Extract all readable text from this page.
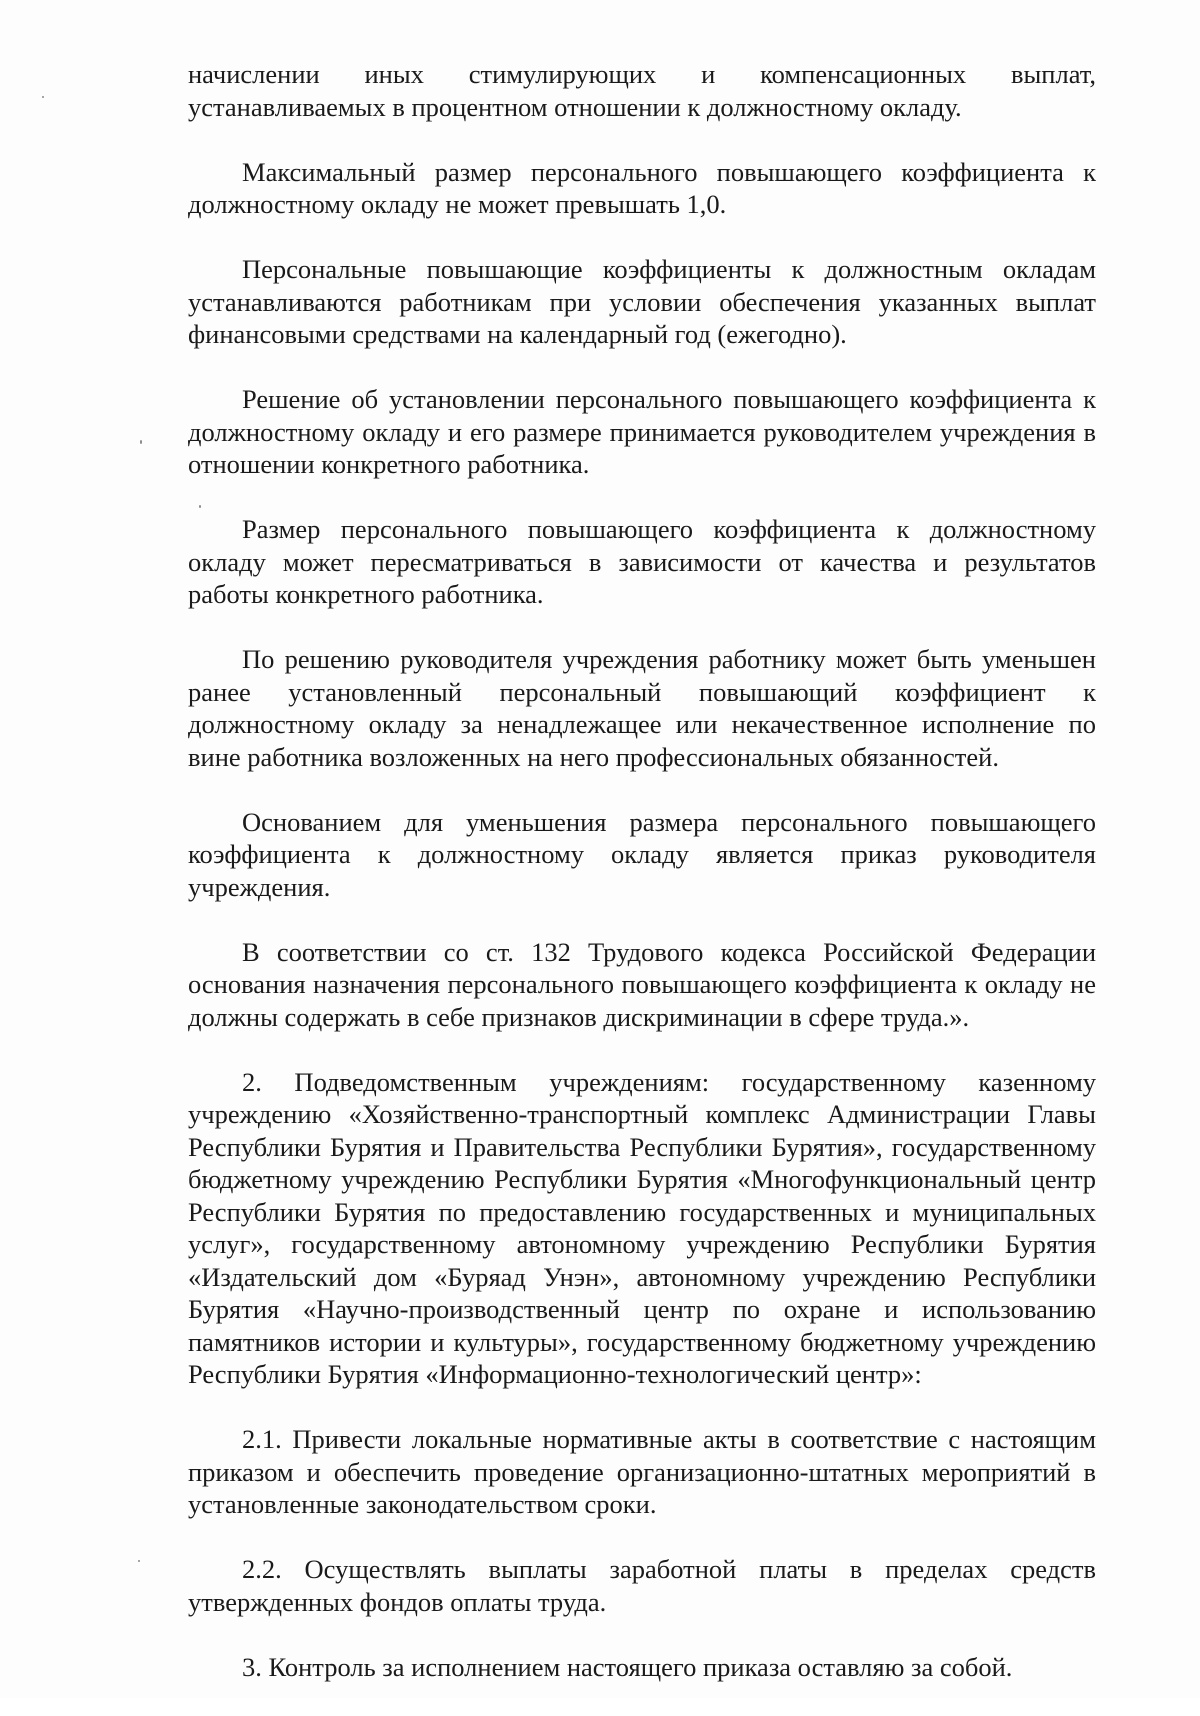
начислении иных стимулирующих и компенсационных выплат, устанавливаемых в процентном отношении к должностному окладу.

Максимальный размер персонального повышающего коэффициента к должностному окладу не может превышать 1,0.

Персональные повышающие коэффициенты к должностным окладам устанавливаются работникам при условии обеспечения указанных выплат финансовыми средствами на календарный год (ежегодно).

Решение об установлении персонального повышающего коэффициента к должностному окладу и его размере принимается руководителем учреждения в отношении конкретного работника.

Размер персонального повышающего коэффициента к должностному окладу может пересматриваться в зависимости от качества и результатов работы конкретного работника.

По решению руководителя учреждения работнику может быть уменьшен ранее установленный персональный повышающий коэффициент к должностному окладу за ненадлежащее или некачественное исполнение по вине работника возложенных на него профессиональных обязанностей.

Основанием для уменьшения размера персонального повышающего коэффициента к должностному окладу является приказ руководителя учреждения.

В соответствии со ст. 132 Трудового кодекса Российской Федерации основания назначения персонального повышающего коэффициента к окладу не должны содержать в себе признаков дискриминации в сфере труда.».

2. Подведомственным учреждениям: государственному казенному учреждению «Хозяйственно-транспортный комплекс Администрации Главы Республики Бурятия и Правительства Республики Бурятия», государственному бюджетному учреждению Республики Бурятия «Многофункциональный центр Республики Бурятия по предоставлению государственных и муниципальных услуг», государственному автономному учреждению Республики Бурятия «Издательский дом «Буряад Унэн», автономному учреждению Республики Бурятия «Научно-производственный центр по охране и использованию памятников истории и культуры», государственному бюджетному учреждению Республики Бурятия «Информационно-технологический центр»:

2.1. Привести локальные нормативные акты в соответствие с настоящим приказом и обеспечить проведение организационно-штатных мероприятий в установленные законодательством сроки.

2.2. Осуществлять выплаты заработной платы в пределах средств утвержденных фондов оплаты труда.

3. Контроль за исполнением настоящего приказа оставляю за собой.
